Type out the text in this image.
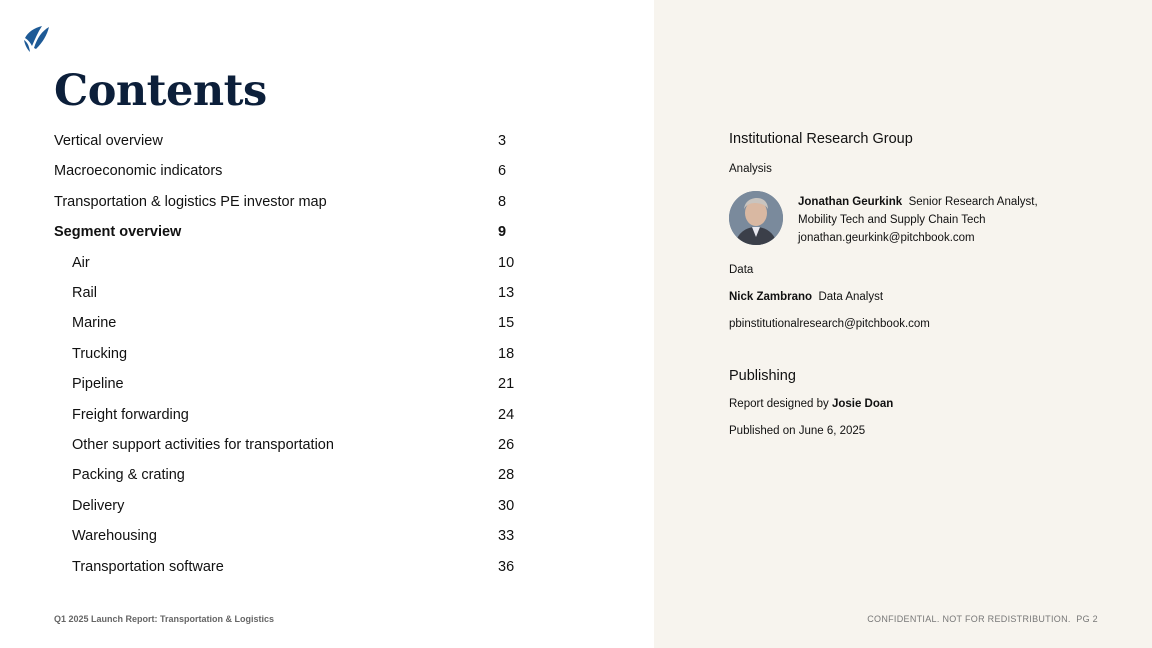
Contents
Vertical overview	3
Macroeconomic indicators	6
Transportation & logistics PE investor map	8
Segment overview	9
Air	10
Rail	13
Marine	15
Trucking	18
Pipeline	21
Freight forwarding	24
Other support activities for transportation	26
Packing & crating	28
Delivery	30
Warehousing	33
Transportation software	36
Institutional Research Group
Analysis
Jonathan Geurkink Senior Research Analyst,
Mobility Tech and Supply Chain Tech
jonathan.geurkink@pitchbook.com
Data
Nick Zambrano Data Analyst
pbinstitutionalresearch@pitchbook.com
Publishing
Report designed by Josie Doan
Published on June 6, 2025
Q1 2025 Launch Report: Transportation & Logistics	CONFIDENTIAL. NOT FOR REDISTRIBUTION.  PG 2
